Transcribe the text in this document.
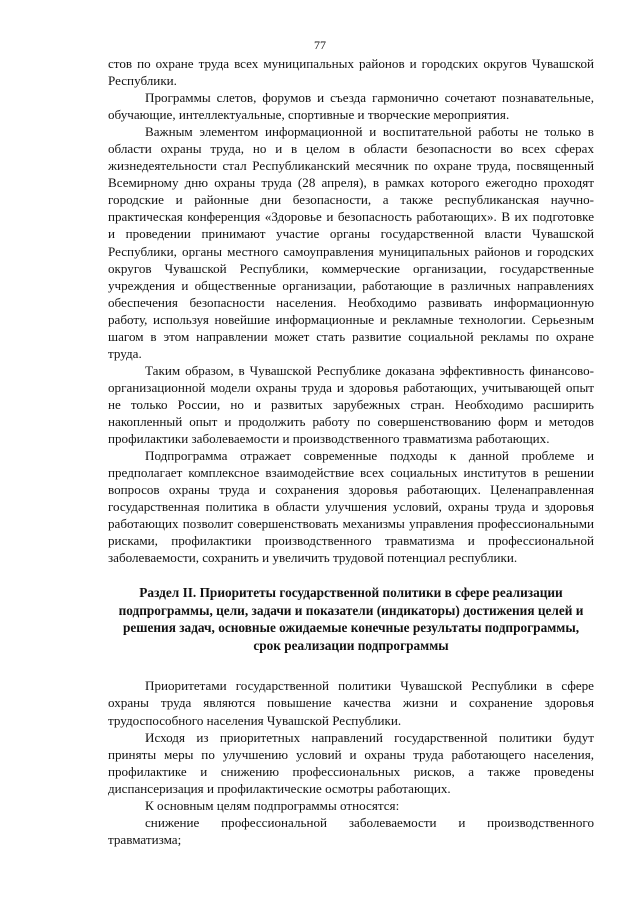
77

стов по охране труда всех муниципальных районов и городских округов Чувашской Республики.

Программы слетов, форумов и съезда гармонично сочетают познавательные, обучающие, интеллектуальные, спортивные и творческие мероприятия.

Важным элементом информационной и воспитательной работы не только в области охраны труда, но и в целом в области безопасности во всех сферах жизнедеятельности стал Республиканский месячник по охране труда, посвященный Всемирному дню охраны труда (28 апреля), в рамках которого ежегодно проходят городские и районные дни безопасности, а также республиканская научно-практическая конференция «Здоровье и безопасность работающих». В их подготовке и проведении принимают участие органы государственной власти Чувашской Республики, органы местного самоуправления муниципальных районов и городских округов Чувашской Республики, коммерческие организации, государственные учреждения и общественные организации, работающие в различных направлениях обеспечения безопасности населения. Необходимо развивать информационную работу, используя новейшие информационные и рекламные технологии. Серьезным шагом в этом направлении может стать развитие социальной рекламы по охране труда.

Таким образом, в Чувашской Республике доказана эффективность финансово-организационной модели охраны труда и здоровья работающих, учитывающей опыт не только России, но и развитых зарубежных стран. Необходимо расширить накопленный опыт и продолжить работу по совершенствованию форм и методов профилактики заболеваемости и производственного травматизма работающих.

Подпрограмма отражает современные подходы к данной проблеме и предполагает комплексное взаимодействие всех социальных институтов в решении вопросов охраны труда и сохранения здоровья работающих. Целенаправленная государственная политика в области улучшения условий, охраны труда и здоровья работающих позволит совершенствовать механизмы управления профессиональными рисками, профилактики производственного травматизма и профессиональной заболеваемости, сохранить и увеличить трудовой потенциал республики.

Раздел II. Приоритеты государственной политики в сфере реализации подпрограммы, цели, задачи и показатели (индикаторы) достижения целей и решения задач, основные ожидаемые конечные результаты подпрограммы, срок реализации подпрограммы

Приоритетами государственной политики Чувашской Республики в сфере охраны труда являются повышение качества жизни и сохранение здоровья трудоспособного населения Чувашской Республики.

Исходя из приоритетных направлений государственной политики будут приняты меры по улучшению условий и охраны труда работающего населения, профилактике и снижению профессиональных рисков, а также проведены диспансеризация и профилактические осмотры работающих.

К основным целям подпрограммы относятся:

снижение профессиональной заболеваемости и производственного травматизма;
